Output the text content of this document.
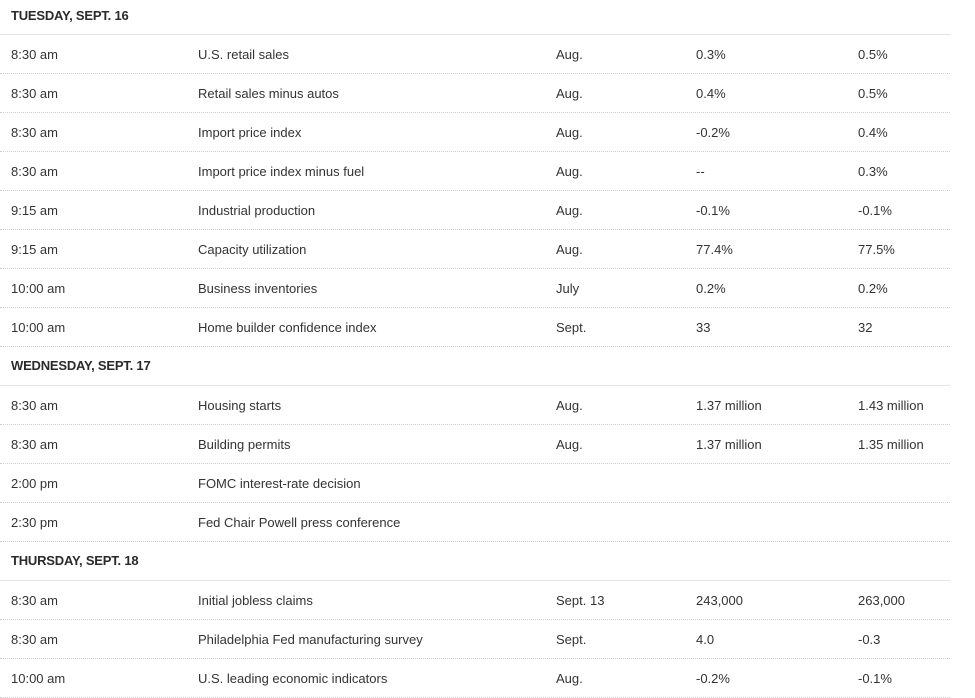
TUESDAY, SEPT. 16
8:30 am	U.S. retail sales	Aug.	0.3%	0.5%
8:30 am	Retail sales minus autos	Aug.	0.4%	0.5%
8:30 am	Import price index	Aug.	-0.2%	0.4%
8:30 am	Import price index minus fuel	Aug.	--	0.3%
9:15 am	Industrial production	Aug.	-0.1%	-0.1%
9:15 am	Capacity utilization	Aug.	77.4%	77.5%
10:00 am	Business inventories	July	0.2%	0.2%
10:00 am	Home builder confidence index	Sept.	33	32
WEDNESDAY, SEPT. 17
8:30 am	Housing starts	Aug.	1.37 million	1.43 million
8:30 am	Building permits	Aug.	1.37 million	1.35 million
2:00 pm	FOMC interest-rate decision
2:30 pm	Fed Chair Powell press conference
THURSDAY, SEPT. 18
8:30 am	Initial jobless claims	Sept. 13	243,000	263,000
8:30 am	Philadelphia Fed manufacturing survey	Sept.	4.0	-0.3
10:00 am	U.S. leading economic indicators	Aug.	-0.2%	-0.1%
